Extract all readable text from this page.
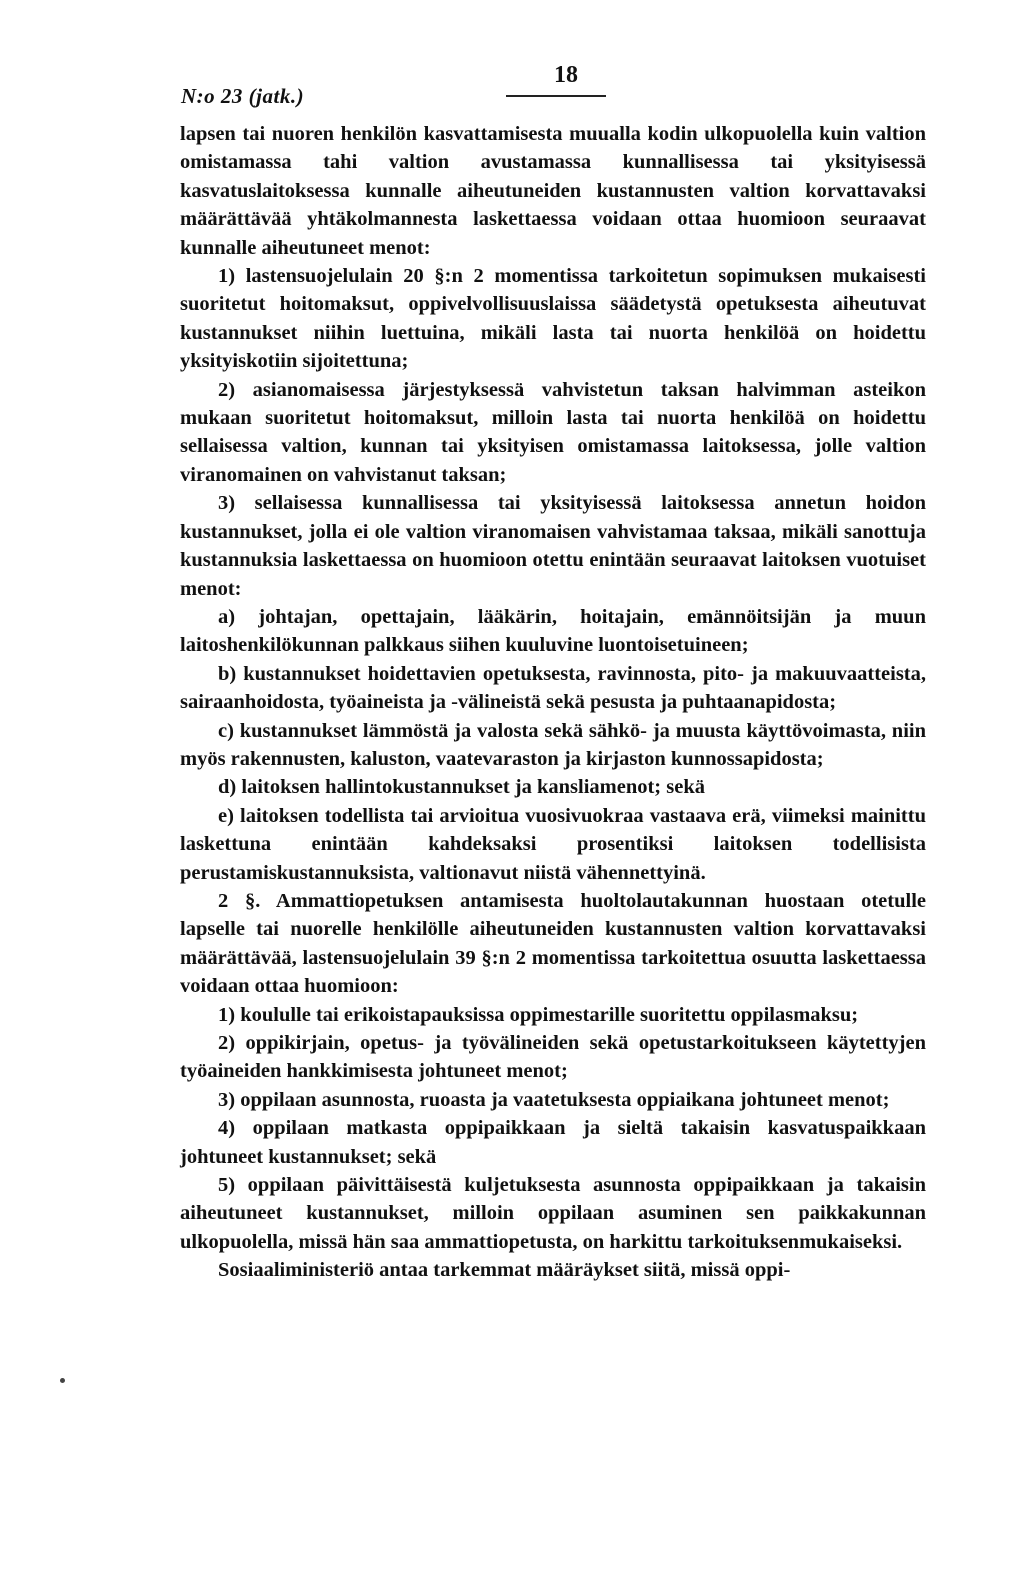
N:o 23 (jatk.)
18

lapsen tai nuoren henkilön kasvattamisesta muualla kodin ulkopuolella kuin valtion omistamassa tahi valtion avustamassa kunnallisessa tai yksityisessä kasvatuslaitoksessa kunnalle aiheutuneiden kustannusten valtion korvattavaksi määrättävää yhtäkolmannesta laskettaessa voidaan ottaa huomioon seuraavat kunnalle aiheutuneet menot:

1) lastensuojelulain 20 §:n 2 momentissa tarkoitetun sopimuksen mukaisesti suoritetut hoitomaksut, oppivelvollisuuslaissa säädetystä opetuksesta aiheutuvat kustannukset niihin luettuina, mikäli lasta tai nuorta henkilöä on hoidettu yksityiskotiin sijoitettuna;

2) asianomaisessa järjestyksessä vahvistetun taksan halvimman asteikon mukaan suoritetut hoitomaksut, milloin lasta tai nuorta henkilöä on hoidettu sellaisessa valtion, kunnan tai yksityisen omistamassa laitoksessa, jolle valtion viranomainen on vahvistanut taksan;

3) sellaisessa kunnallisessa tai yksityisessä laitoksessa annetun hoidon kustannukset, jolla ei ole valtion viranomaisen vahvistamaa taksaa, mikäli sanottuja kustannuksia laskettaessa on huomioon otettu enintään seuraavat laitoksen vuotuiset menot:

a) johtajan, opettajain, lääkärin, hoitajain, emännöitsijän ja muun laitoshenkilökunnan palkkaus siihen kuuluvine luontoisetuineen;

b) kustannukset hoidettavien opetuksesta, ravinnosta, pito- ja makuuvaatteista, sairaanhoidosta, työaineista ja -välineistä sekä pesusta ja puhtaanapidosta;

c) kustannukset lämmöstä ja valosta sekä sähkö- ja muusta käyttövoimasta, niin myös rakennusten, kaluston, vaatevaraston ja kirjaston kunnossapidosta;

d) laitoksen hallintokustannukset ja kansliamenot; sekä

e) laitoksen todellista tai arvioitua vuosivuokraa vastaava erä, viimeksi mainittu laskettuna enintään kahdeksaksi prosentiksi laitoksen todellisista perustamiskustannuksista, valtionavut niistä vähennettyinä.

2 §. Ammattiopetuksen antamisesta huoltolautakunnan huostaan otetulle lapselle tai nuorelle henkilölle aiheutuneiden kustannusten valtion korvattavaksi määrättävää, lastensuojelulain 39 §:n 2 momentissa tarkoitettua osuutta laskettaessa voidaan ottaa huomioon:

1) koululle tai erikoistapauksissa oppimestarille suoritettu oppilasmaksu;

2) oppikirjain, opetus- ja työvälineiden sekä opetustarkoitukseen käytettyjen työaineiden hankkimisesta johtuneet menot;

3) oppilaan asunnosta, ruoasta ja vaatetuksesta oppiaikana johtuneet menot;

4) oppilaan matkasta oppipaikkaan ja sieltä takaisin kasvatuspaikkaan johtuneet kustannukset; sekä

5) oppilaan päivittäisestä kuljetuksesta asunnosta oppipaikkaan ja takaisin aiheutuneet kustannukset, milloin oppilaan asuminen sen paikkakunnan ulkopuolella, missä hän saa ammattiopetusta, on harkittu tarkoituksenmukaiseksi.

Sosiaaliministeriö antaa tarkemmat määräykset siitä, missä oppi-
